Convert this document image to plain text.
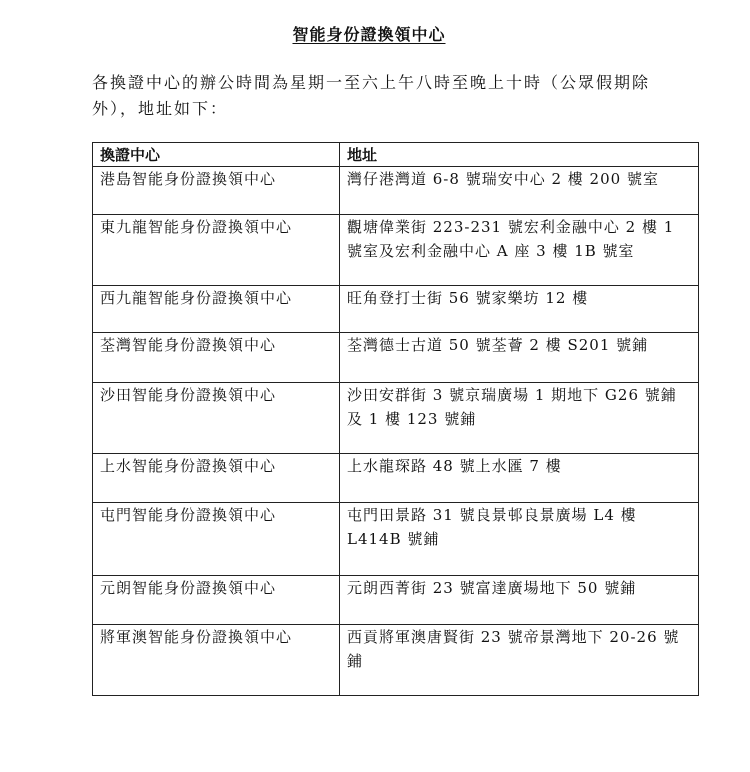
智能身份證換領中心
各換證中心的辦公時間為星期一至六上午八時至晚上十時（公眾假期除外），地址如下：
換證中心	地址

港島智能身份證換領中心	灣仔港灣道 6-8 號瑞安中心 2 樓 200 號室

東九龍智能身份證換領中心	觀塘偉業街 223-231 號宏利金融中心 2 樓 1 號室及宏利金融中心 A 座 3 樓 1B 號室

西九龍智能身份證換領中心	旺角登打士街 56 號家樂坊 12 樓

荃灣智能身份證換領中心	荃灣德士古道 50 號荃薈 2 樓 S201 號鋪

沙田智能身份證換領中心	沙田安群街 3 號京瑞廣場 1 期地下 G26 號鋪及 1 樓 123 號鋪

上水智能身份證換領中心	上水龍琛路 48 號上水匯 7 樓

屯門智能身份證換領中心	屯門田景路 31 號良景邨良景廣場 L4 樓 L414B 號鋪

元朗智能身份證換領中心	元朗西菁街 23 號富達廣場地下 50 號鋪

將軍澳智能身份證換領中心	西貢將軍澳唐賢街 23 號帝景灣地下 20-26 號鋪
